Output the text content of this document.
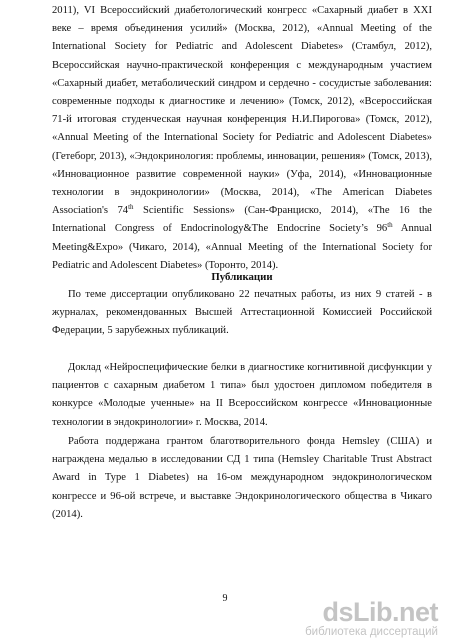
2011), VI Всероссийский диабетологический конгресс «Сахарный диабет в XXI веке – время объединения усилий» (Москва, 2012), «Annual Meeting of the International Society for Pediatric and Adolescent Diabetes» (Стамбул, 2012), Всероссийская научно-практической конференция с международным участием «Сахарный диабет, метаболический синдром и сердечно - сосудистые заболевания: современные подходы к диагностике и лечению» (Томск, 2012), «Всероссийская 71-й итоговая студенческая научная конференция Н.И.Пирогова» (Томск, 2012), «Annual Meeting of the International Society for Pediatric and Adolescent Diabetes» (Гетеборг, 2013), «Эндокринология: проблемы, инновации, решения» (Томск, 2013), «Инновационное развитие современной науки» (Уфа, 2014), «Инновационные технологии в эндокринологии» (Москва, 2014), «The American Diabetes Association's 74th Scientific Sessions» (Сан-Франциско, 2014), «The 16 the International Congress of Endocrinology&The Endocrine Society’s 96th Annual Meeting&Expo» (Чикаго, 2014), «Annual Meeting of the International Society for Pediatric and Adolescent Diabetes» (Торонто, 2014).
Публикации
По теме диссертации опубликовано 22 печатных работы, из них 9 статей - в журналах, рекомендованных Высшей Аттестационной Комиссией Российской Федерации, 5 зарубежных публикаций.
Доклад «Нейроспецифические белки в диагностике когнитивной дисфункции у пациентов с сахарным диабетом 1 типа» был удостоен дипломом победителя в конкурсе «Молодые ученные» на II Всероссийском конгрессе «Инновационные технологии в эндокринологии» г. Москва, 2014.
Работа поддержана грантом благотворительного фонда Hemsley (США) и награждена медалью в исследовании СД 1 типа (Hemsley Charitable Trust Abstract Award in Type 1 Diabetes) на 16-ом международном эндокринологическом конгрессе и 96-ой встрече, и выставке Эндокринологического общества в Чикаго (2014).
9	dsLib.net
библиотека диссертаций
